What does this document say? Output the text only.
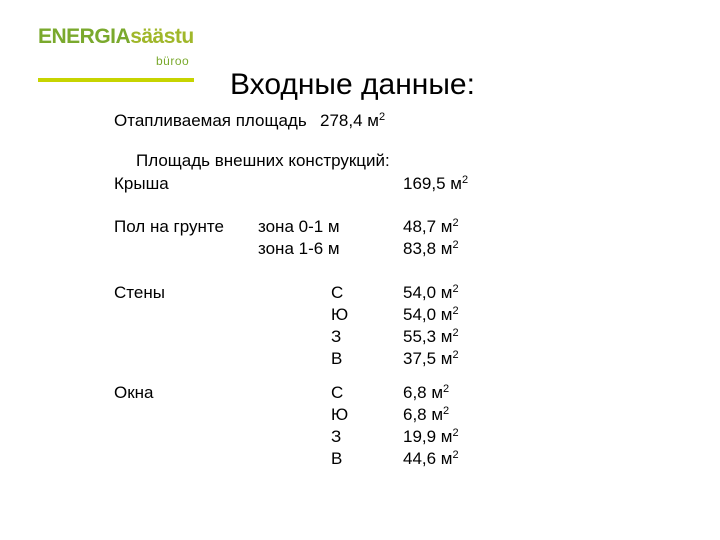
ENERGIAsäästu
büroo
Входные данные:
Отапливаемая площадь 278,4 $м^2$
Площадь внешних конструкций:
Крыша	169,5 $м^2$
Пол на грунте зона 0-1 м	48,7 $м^2$
зона 1-6 м	83,8 $м^2$
Стены	С	54,0 $м^2$
Ю	54,0 $м^2$
З	55,3 $м^2$
В	37,5 $м^2$
Окна	С	6,8 $м^2$
Ю	6,8 $м^2$
З	19,9 $м^2$
В	44,6 $м^2$
